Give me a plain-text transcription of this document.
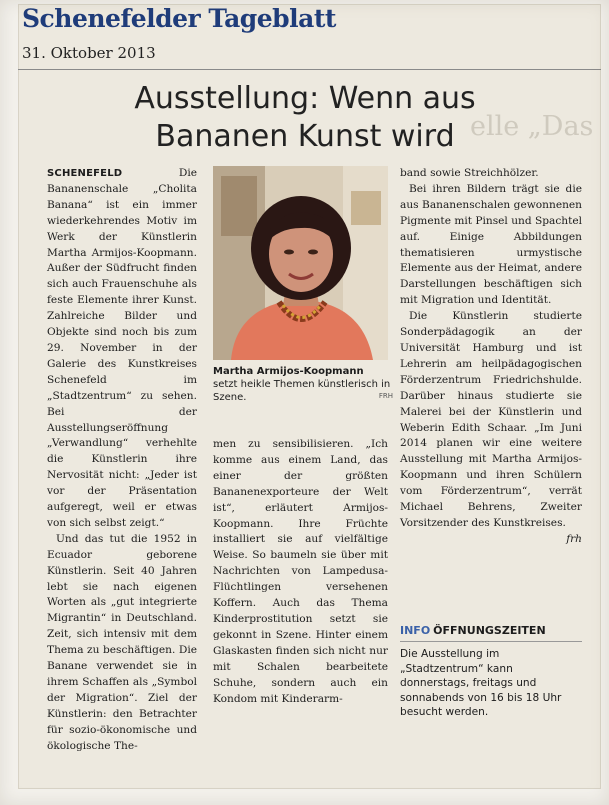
Schenefelder Tageblatt
31. Oktober 2013
elle „Das
Ausstellung: Wenn aus
Bananen Kunst wird

SCHENEFELD	Die Bananenschale „Cholita Banana“ ist ein immer wiederkehrendes Motiv im Werk der Künstlerin Martha Armijos-Koopmann. Außer der Südfrucht finden sich auch Frauenschuhe als feste Elemente ihrer Kunst. Zahlreiche Bilder und Objekte sind noch bis zum 29. November in der Galerie des Kunstkreises Schenefeld im „Stadtzentrum“ zu sehen. Bei der Ausstellungseröffnung „Verwandlung“ verhehlte die Künstlerin ihre Nervosität nicht: „Jeder ist vor der Präsentation aufgeregt, weil er etwas von sich selbst zeigt.“

Und das tut die 1952 in Ecuador geborene Künstlerin. Seit 40 Jahren lebt sie nach eigenen Worten als „gut integrierte Migrantin“ in Deutschland. Zeit, sich intensiv mit dem Thema zu beschäftigen. Die Banane verwendet sie in ihrem Schaffen als „Symbol der Migration“. Ziel der Künstlerin: den Betrachter für sozio-ökonomische und ökologische The-

Martha Armijos-Koopmann
setzt heikle Themen künstlerisch in Szene.	FRH

men zu sensibilisieren. „Ich komme aus einem Land, das einer der größten Bananenexporteure der Welt ist“, erläutert Armijos-Koopmann. Ihre Früchte installiert sie auf vielfältige Weise. So baumeln sie über mit Nachrichten von Lampedusa-Flüchtlingen versehenen Koffern. Auch das Thema Kinderprostitution setzt sie gekonnt in Szene. Hinter einem Glaskasten finden sich nicht nur mit Schalen bearbeitete Schuhe, sondern auch ein Kondom mit Kinderarm-

band sowie Streichhölzer.

Bei ihren Bildern trägt sie die aus Bananenschalen gewonnenen Pigmente mit Pinsel und Spachtel auf. Einige Abbildungen thematisieren urmystische Elemente aus der Heimat, andere Darstellungen beschäftigen sich mit Migration und Identität.

Die Künstlerin studierte Sonderpädagogik an der Universität Hamburg und ist Lehrerin am heilpädagogischen Förderzentrum Friedrichshulde. Darüber hinaus studierte sie Malerei bei der Künstlerin und Weberin Edith Schaar. „Im Juni 2014 planen wir eine weitere Ausstellung mit Martha Armijos-Koopmann und ihren Schülern vom Förderzentrum“, verrät Michael Behrens, Zweiter Vorsitzender des Kunstkreises.
frh

INFO ÖFFNUNGSZEITEN
Die Ausstellung im „Stadtzentrum“ kann donnerstags, freitags und sonnabends von 16 bis 18 Uhr besucht werden.
